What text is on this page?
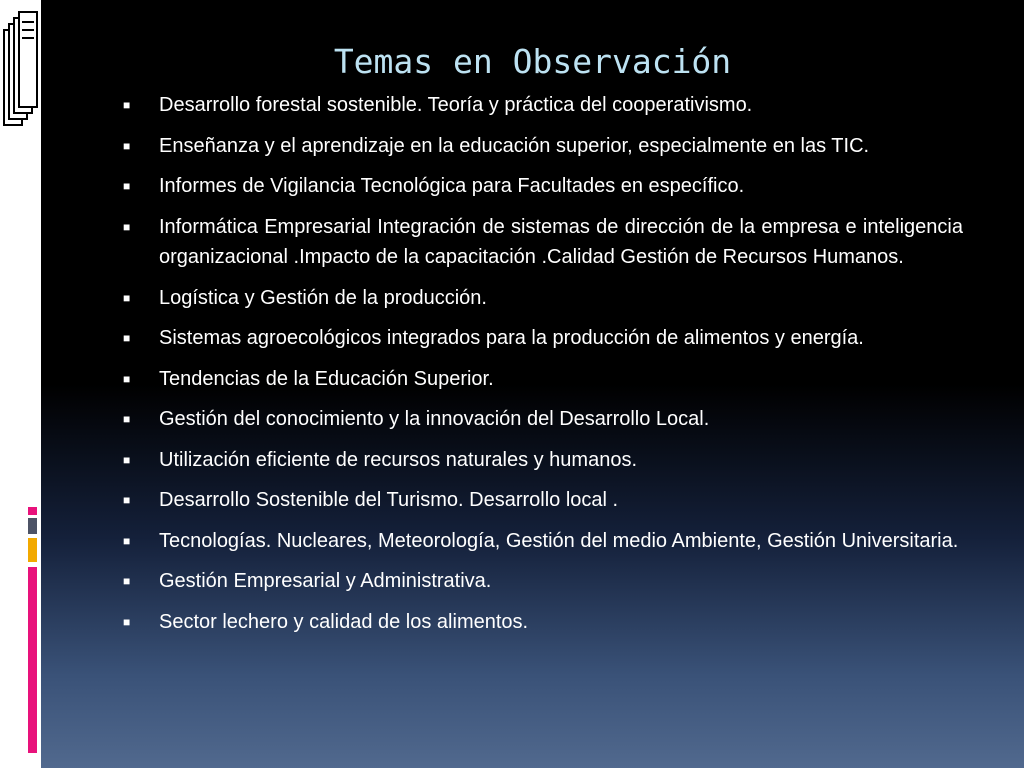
Temas en Observación
■ Desarrollo forestal sostenible. Teoría y práctica del cooperativismo.
■ Enseñanza y el aprendizaje en la educación superior, especialmente en las TIC.
■ Informes de Vigilancia Tecnológica para Facultades en específico.
■ Informática Empresarial Integración de sistemas de dirección de la empresa e inteligencia organizacional .Impacto de la capacitación .Calidad Gestión de Recursos Humanos.
■ Logística y Gestión de la producción.
■ Sistemas agroecológicos integrados para la producción de alimentos y energía.
■ Tendencias de la Educación Superior.
■ Gestión del conocimiento y la innovación del Desarrollo Local.
■ Utilización eficiente de recursos naturales y humanos.
■ Desarrollo Sostenible del Turismo. Desarrollo local .
■ Tecnologías. Nucleares, Meteorología, Gestión del medio Ambiente, Gestión Universitaria.
■ Gestión Empresarial y Administrativa.
■ Sector lechero y calidad de los alimentos.
